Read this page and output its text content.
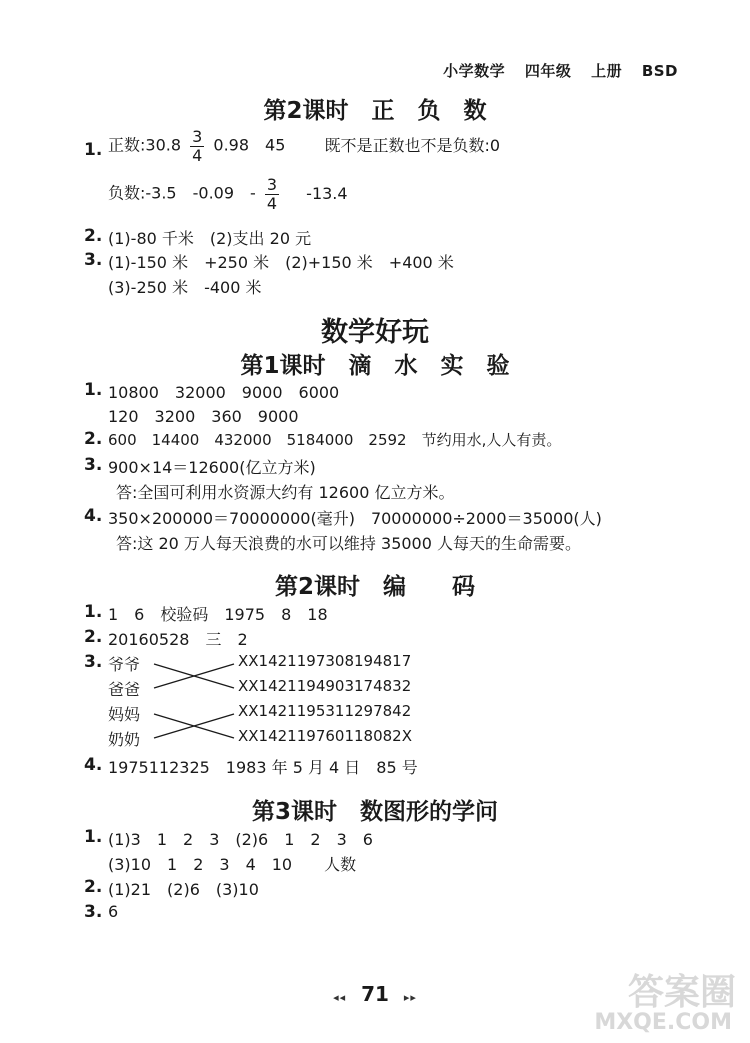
小学数学 四年级 上册 BSD
第2课时　正　负　数
1. 正数:30.8 $\frac{3}{4} 0.98$　45 既不是正数也不是负数:0
负数:-3.5　-0.09　- $\frac{3}{4} -13.4$
2. (1)-80 千米　(2)支出 20 元
3. (1)-150 米　+250 米　(2)+150 米　+400 米
(3)-250 米　-400 米
数学好玩
第1课时　滴　水　实　验
1. 10800　32000　9000　6000
120　3200　360　9000
2. 600　14400　432000　5184000　2592　节约用水,人人有责。
3. 900×14＝12600(亿立方米)
答:全国可利用水资源大约有 12600 亿立方米。
4. 350×200000＝70000000(毫升)　70000000÷2000＝35000(人)
答:这 20 万人每天浪费的水可以维持 35000 人每天的生命需要。
第2课时　编　　码
1. 1　6　校验码　1975　8　18
2. 20160528　三　2
3. 爷爷
爸爸
妈妈
奶奶
XX1421197308194817
XX1421194903174832
XX1421195311297842
XX142119760118082X
4. 1975112325　1983 年 5 月 4 日　85 号
第3课时　数图形的学问
1. (1)3　1　2　3　(2)6　1　2　3　6
(3)10　1　2　3　4　10　　人数
2. (1)21　(2)6　(3)10
3. 6
◂◂ 71 ▸▸	答案圈
MXQE.COM
